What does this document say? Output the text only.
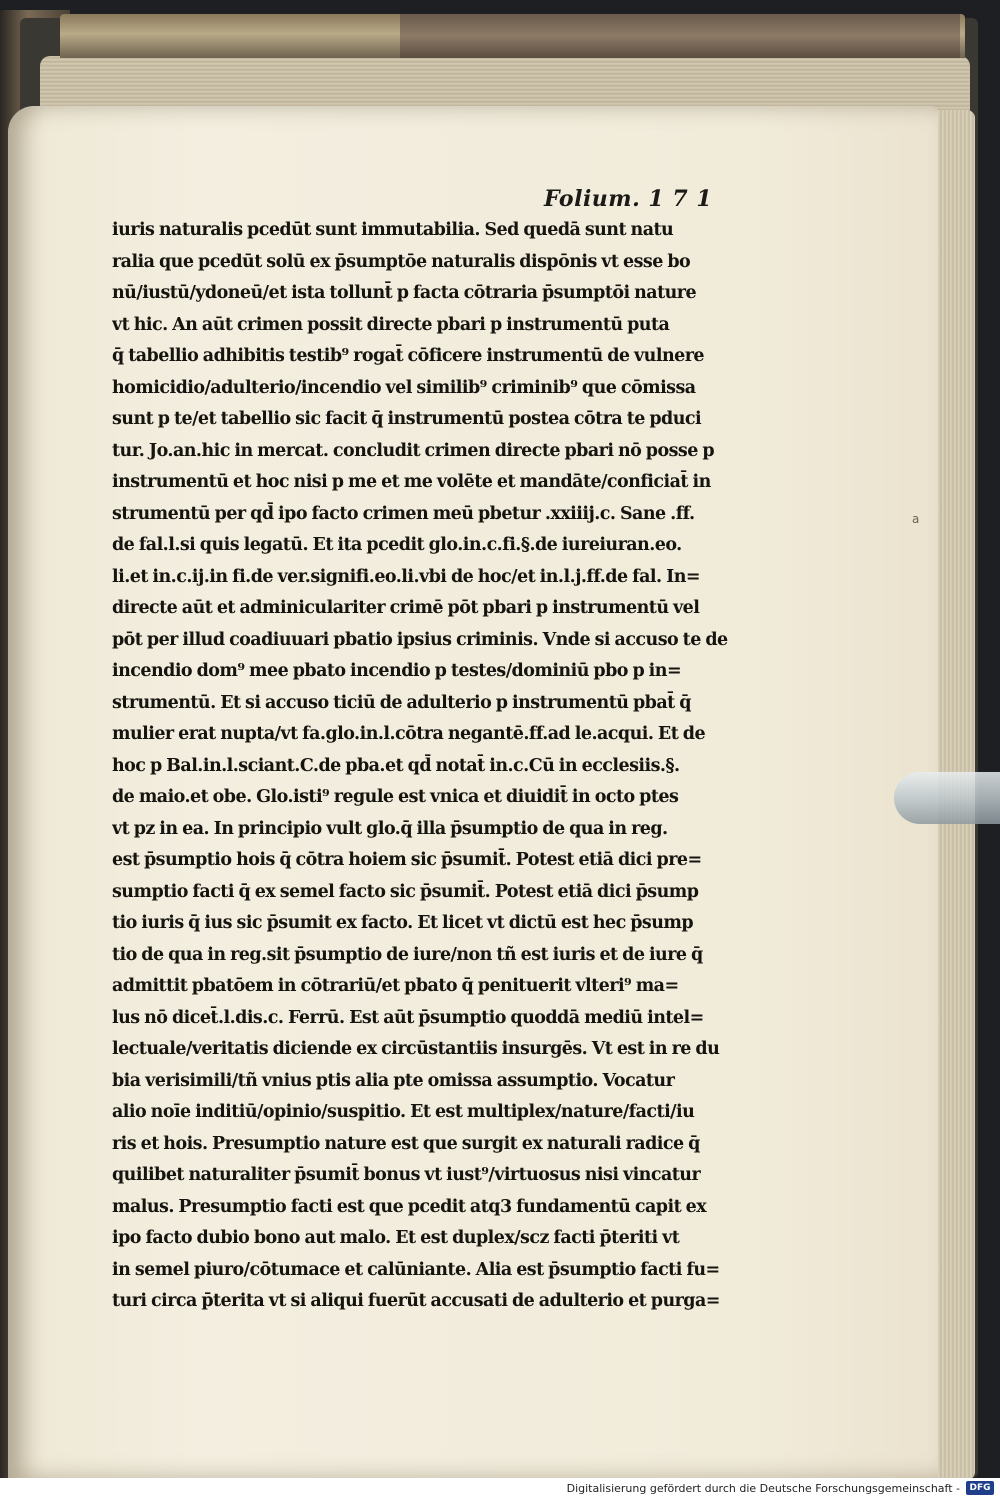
Folium. 1 7 1
iuris naturalis pcedūt sunt immutabilia. Sed quedā sunt natu
ralia que pcedūt solū ex p̄sumptōe naturalis dispōnis vt esse bo
nū/iustū/ydoneū/et ista tollunt̄ p facta cōtraria p̄sumptōi nature
vt hic. An aūt crimen possit directe pbari p instrumentū puta
q̄ tabellio adhibitis testib⁹ rogat̄ cōficere instrumentū de vulnere
homicidio/adulterio/incendio vel similib⁹ criminib⁹ que cōmissa
sunt p te/et tabellio sic facit q̄ instrumentū postea cōtra te pduci
tur. Jo.an.hic in mercat. concludit crimen directe pbari nō posse p
instrumentū et hoc nisi p me et me volēte et mandāte/conficiat̄ in
strumentū per qd̄ ipo facto crimen meū pbetur .xxiiij.c. Sane .ff.
de fal.l.si quis legatū. Et ita pcedit glo.in.c.fi.§.de iureiuran.eo.
li.et in.c.ij.in fi.de ver.signifi.eo.li.vbi de hoc/et in.l.j.ff.de fal. In=
directe aūt et adminiculariter crimē pōt pbari p instrumentū vel
pōt per illud coadiuuari pbatio ipsius criminis. Vnde si accuso te de
incendio dom⁹ mee pbato incendio p testes/dominiū pbo p in=
strumentū. Et si accuso ticiū de adulterio p instrumentū pbat̄ q̄
mulier erat nupta/vt fa.glo.in.l.cōtra negantē.ff.ad le.acqui. Et de
hoc p Bal.in.l.sciant.C.de pba.et qd̄ notat̄ in.c.Cū in ecclesiis.§.
de maio.et obe. Glo.isti⁹ regule est vnica et diuidit̄ in octo ptes
vt pz in ea. In principio vult glo.q̄ illa p̄sumptio de qua in reg.
est p̄sumptio hois q̄ cōtra hoiem sic p̄sumit̄. Potest etiā dici pre=
sumptio facti q̄ ex semel facto sic p̄sumit̄. Potest etiā dici p̄sump
tio iuris q̄ ius sic p̄sumit ex facto. Et licet vt dictū est hec p̄sump
tio de qua in reg.sit p̄sumptio de iure/non tñ est iuris et de iure q̄
admittit pbatōem in cōtrariū/et pbato q̄ penituerit vlteri⁹ ma=
lus nō dicet̄.l.dis.c. Ferrū. Est aūt p̄sumptio quoddā mediū intel=
lectuale/veritatis diciende ex circūstantiis insurgēs. Vt est in re du
bia verisimili/tñ vnius ptis alia pte omissa assumptio. Vocatur
alio noīe inditiū/opinio/suspitio. Et est multiplex/nature/facti/iu
ris et hois. Presumptio nature est que surgit ex naturali radice q̄
quilibet naturaliter p̄sumit̄ bonus vt iust⁹/virtuosus nisi vincatur
malus. Presumptio facti est que pcedit atq3 fundamentū capit ex
ipo facto dubio bono aut malo. Et est duplex/scz facti p̄teriti vt
in semel piuro/cōtumace et calūniante. Alia est p̄sumptio facti fu=
turi circa p̄terita vt si aliqui fuerūt accusati de adulterio et purga=
a
Digitalisierung gefördert durch die Deutsche Forschungsgemeinschaft -	DFG
